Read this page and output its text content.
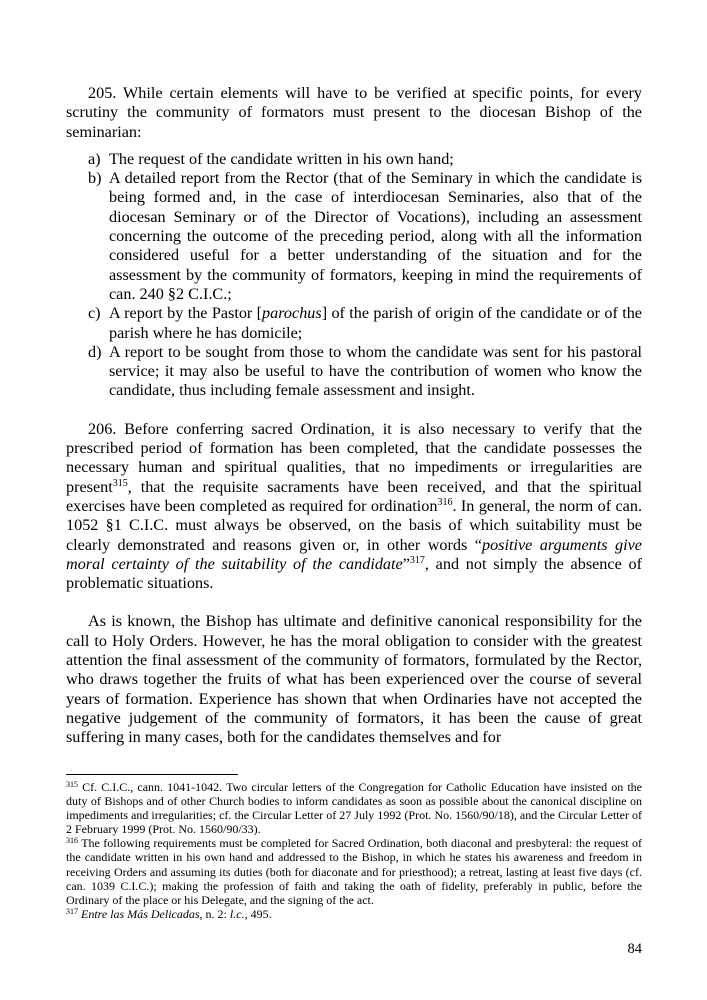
205. While certain elements will have to be verified at specific points, for every scrutiny the community of formators must present to the diocesan Bishop of the seminarian:

a) The request of the candidate written in his own hand;
b) A detailed report from the Rector (that of the Seminary in which the candidate is being formed and, in the case of interdiocesan Seminaries, also that of the diocesan Seminary or of the Director of Vocations), including an assessment concerning the outcome of the preceding period, along with all the information considered useful for a better understanding of the situation and for the assessment by the community of formators, keeping in mind the requirements of can. 240 §2 C.I.C.;
c) A report by the Pastor [parochus] of the parish of origin of the candidate or of the parish where he has domicile;
d) A report to be sought from those to whom the candidate was sent for his pastoral service; it may also be useful to have the contribution of women who know the candidate, thus including female assessment and insight.

206. Before conferring sacred Ordination, it is also necessary to verify that the prescribed period of formation has been completed, that the candidate possesses the necessary human and spiritual qualities, that no impediments or irregularities are present$^{315}$, that the requisite sacraments have been received, and that the spiritual exercises have been completed as required for ordination$^{316}$. In general, the norm of can. 1052 §1 C.I.C. must always be observed, on the basis of which suitability must be clearly demonstrated and reasons given or, in other words “positive arguments give moral certainty of the suitability of the candidate”$^{317}$, and not simply the absence of problematic situations.

As is known, the Bishop has ultimate and definitive canonical responsibility for the call to Holy Orders. However, he has the moral obligation to consider with the greatest attention the final assessment of the community of formators, formulated by the Rector, who draws together the fruits of what has been experienced over the course of several years of formation. Experience has shown that when Ordinaries have not accepted the negative judgement of the community of formators, it has been the cause of great suffering in many cases, both for the candidates themselves and for

$^{315}$ Cf. C.I.C., cann. 1041-1042. Two circular letters of the Congregation for Catholic Education have insisted on the duty of Bishops and of other Church bodies to inform candidates as soon as possible about the canonical discipline on impediments and irregularities; cf. the Circular Letter of 27 July 1992 (Prot. No. 1560/90/18), and the Circular Letter of 2 February 1999 (Prot. No. 1560/90/33).

$^{316}$ The following requirements must be completed for Sacred Ordination, both diaconal and presbyteral: the request of the candidate written in his own hand and addressed to the Bishop, in which he states his awareness and freedom in receiving Orders and assuming its duties (both for diaconate and for priesthood); a retreat, lasting at least five days (cf. can. 1039 C.I.C.); making the profession of faith and taking the oath of fidelity, preferably in public, before the Ordinary of the place or his Delegate, and the signing of the act.

$^{317}$ Entre las Más Delicadas, n. 2: l.c., 495.

84
